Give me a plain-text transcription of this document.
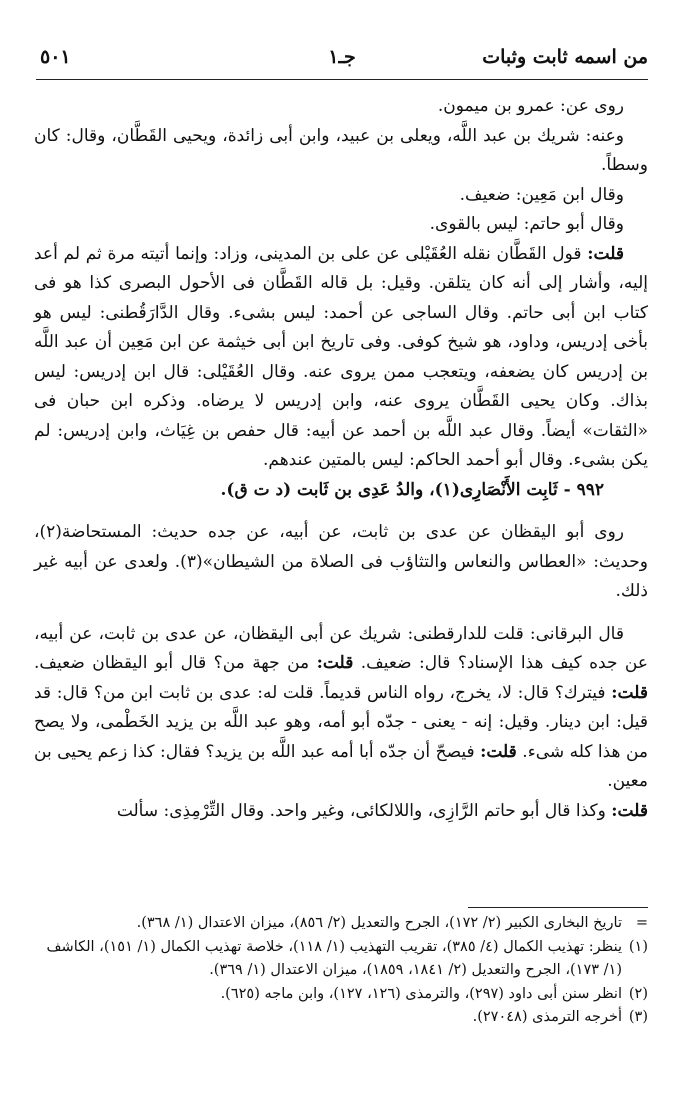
من اسمه ثابت وثبات
جـ١
٥٠١

روى عن: عمرو بن ميمون.

وعنه: شريك بن عبد اللَّه، ويعلى بن عبيد، وابن أبى زائدة، ويحيى القَطَّان، وقال: كان وسطاً.

وقال ابن مَعِين: ضعيف.

وقال أبو حاتم: ليس بالقوى.

قلت: قول القَطَّان نقله العُقَيْلى عن على بن المدينى، وزاد: وإنما أتيته مرة ثم لم أعد إليه، وأشار إلى أنه كان يتلقن. وقيل: بل قاله القَطَّان فى الأحول البصرى كذا هو فى كتاب ابن أبى حاتم. وقال الساجى عن أحمد: ليس بشىء. وقال الدَّارَقُطنى: ليس هو بأخى إدريس، وداود، هو شيخ كوفى. وفى تاريخ ابن أبى خيثمة عن ابن مَعِين أن عبد اللَّه بن إدريس كان يضعفه، ويتعجب ممن يروى عنه. وقال العُقَيْلى: قال ابن إدريس: ليس بذاك. وكان يحيى القَطَّان يروى عنه، وابن إدريس لا يرضاه. وذكره ابن حبان فى «الثقات» أيضاً. وقال عبد اللَّه بن أحمد عن أبيه: قال حفص بن غِيَاث، وابن إدريس: لم يكن بشىء. وقال أبو أحمد الحاكم: ليس بالمتين عندهم.

٩٩٢ - ثَابِت الأَنْصَارِى(١)، والدُ عَدِى بن ثَابت (د ت ق).

روى أبو اليقظان عن عدى بن ثابت، عن أبيه، عن جده حديث: المستحاضة(٢)، وحديث: «العطاس والنعاس والتثاؤب فى الصلاة من الشيطان»(٣). ولعدى عن أبيه غير ذلك.

قال البرقانى: قلت للدارقطنى: شريك عن أبى اليقظان، عن عدى بن ثابت، عن أبيه، عن جده كيف هذا الإسناد؟ قال: ضعيف. قلت: من جهة من؟ قال أبو اليقظان ضعيف. قلت: فيترك؟ قال: لا، يخرج، رواه الناس قديماً. قلت له: عدى بن ثابت ابن من؟ قال: قد قيل: ابن دينار. وقيل: إنه - يعنى - جدّه أبو أمه، وهو عبد اللَّه بن يزيد الخَطْمى، ولا يصح من هذا كله شىء. قلت: فيصحّ أن جدّه أبا أمه عبد اللَّه بن يزيد؟ فقال: كذا زعم يحيى بن معين.

قلت: وكذا قال أبو حاتم الرَّازِى، واللالكائى، وغير واحد. وقال التِّرْمِذِى: سألت

=
تاريخ البخارى الكبير (٢/ ١٧٢)، الجرح والتعديل (٢/ ٨٥٦)، ميزان الاعتدال (١/ ٣٦٨).
(١)
ينظر: تهذيب الكمال (٤/ ٣٨٥)، تقريب التهذيب (١/ ١١٨)، خلاصة تهذيب الكمال (١/ ١٥١)، الكاشف (١/ ١٧٣)، الجرح والتعديل (٢/ ١٨٤١، ١٨٥٩)، ميزان الاعتدال (١/ ٣٦٩).
(٢)
انظر سنن أبى داود (٢٩٧)، والترمذى (١٢٦، ١٢٧)، وابن ماجه (٦٢٥).
(٣)
أخرجه الترمذى (٢٧٠٤٨).
